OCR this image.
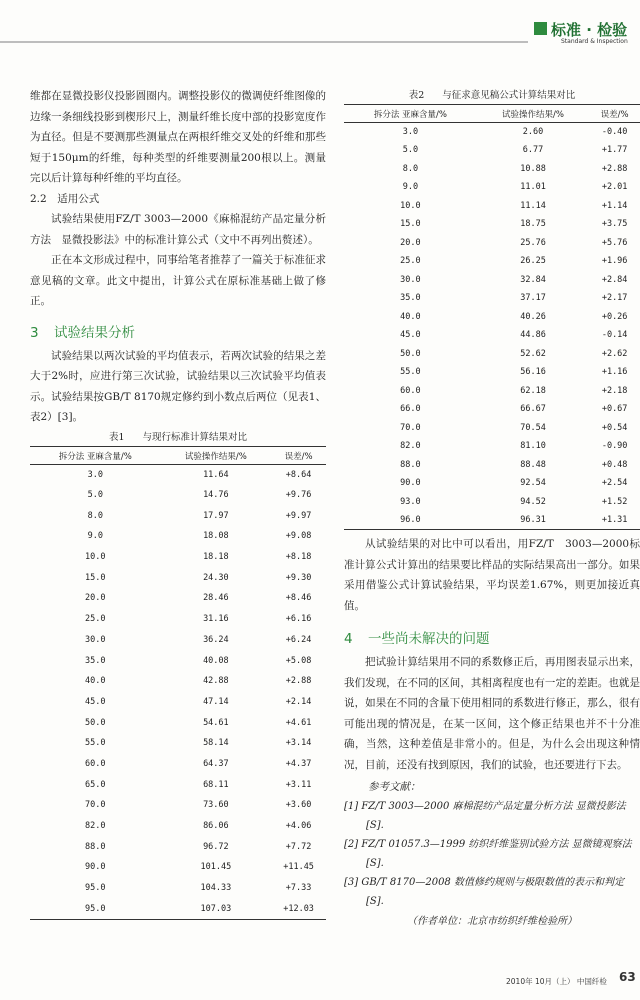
标准 · 检验
Standard & Inspection

维都在显微投影仪投影圆圈内。调整投影仪的微调使纤维图像的边缘一条细线投影到楔形尺上，测量纤维长度中部的投影宽度作为直径。但是不要测那些测量点在两根纤维交叉处的纤维和那些短于150μm的纤维，每种类型的纤维要测量200根以上。测量完以后计算每种纤维的平均直径。

2.2　适用公式

试验结果使用FZ/T 3003—2000《麻棉混纺产品定量分析方法　显微投影法》中的标准计算公式（文中不再列出赘述）。

正在本文形成过程中，同事给笔者推荐了一篇关于标准征求意见稿的文章。此文中提出，计算公式在原标准基础上做了修正。

3 试验结果分析

试验结果以两次试验的平均值表示，若两次试验的结果之差大于2%时，应进行第三次试验，试验结果以三次试验平均值表示。试验结果按GB/T 8170规定修约到小数点后两位（见表1、表2）[3]。

表1 与现行标准计算结果对比
拆分法 亚麻含量/%	试验操作结果/%	误差/%
3.0	11.64	+8.64
5.0	14.76	+9.76
8.0	17.97	+9.97
9.0	18.08	+9.08
10.0	18.18	+8.18
15.0	24.30	+9.30
20.0	28.46	+8.46
25.0	31.16	+6.16
30.0	36.24	+6.24
35.0	40.08	+5.08
40.0	42.88	+2.88
45.0	47.14	+2.14
50.0	54.61	+4.61
55.0	58.14	+3.14
60.0	64.37	+4.37
65.0	68.11	+3.11
70.0	73.60	+3.60
82.0	86.06	+4.06
88.0	96.72	+7.72
90.0	101.45	+11.45
95.0	104.33	+7.33
95.0	107.03	+12.03
表2 与征求意见稿公式计算结果对比
拆分法 亚麻含量/%	试验操作结果/%	误差/%
3.0	2.60	-0.40
5.0	6.77	+1.77
8.0	10.88	+2.88
9.0	11.01	+2.01
10.0	11.14	+1.14
15.0	18.75	+3.75
20.0	25.76	+5.76
25.0	26.25	+1.96
30.0	32.84	+2.84
35.0	37.17	+2.17
40.0	40.26	+0.26
45.0	44.86	-0.14
50.0	52.62	+2.62
55.0	56.16	+1.16
60.0	62.18	+2.18
66.0	66.67	+0.67
70.0	70.54	+0.54
82.0	81.10	-0.90
88.0	88.48	+0.48
90.0	92.54	+2.54
93.0	94.52	+1.52
96.0	96.31	+1.31

从试验结果的对比中可以看出，用FZ/T　3003—2000标准计算公式计算出的结果要比样品的实际结果高出一部分。如果采用借鉴公式计算试验结果，平均误差1.67%，则更加接近真值。

4 一些尚未解决的问题

把试验计算结果用不同的系数修正后，再用图表显示出来，我们发现，在不同的区间，其相离程度也有一定的差距。也就是说，如果在不同的含量下使用相同的系数进行修正，那么，很有可能出现的情况是，在某一区间，这个修正结果也并不十分准确，当然，这种差值是非常小的。但是，为什么会出现这种情况，目前，还没有找到原因，我们的试验，也还要进行下去。

参考文献：

[1] FZ/T 3003—2000 麻棉混纺产品定量分析方法 显微投影法[S].

[2] FZ/T 01057.3—1999 纺织纤维鉴别试验方法 显微镜观察法[S].

[3] GB/T 8170—2008 数值修约规则与极限数值的表示和判定[S].

（作者单位：北京市纺织纤维检验所）
2010年 10月（上） 中国纤检 63
